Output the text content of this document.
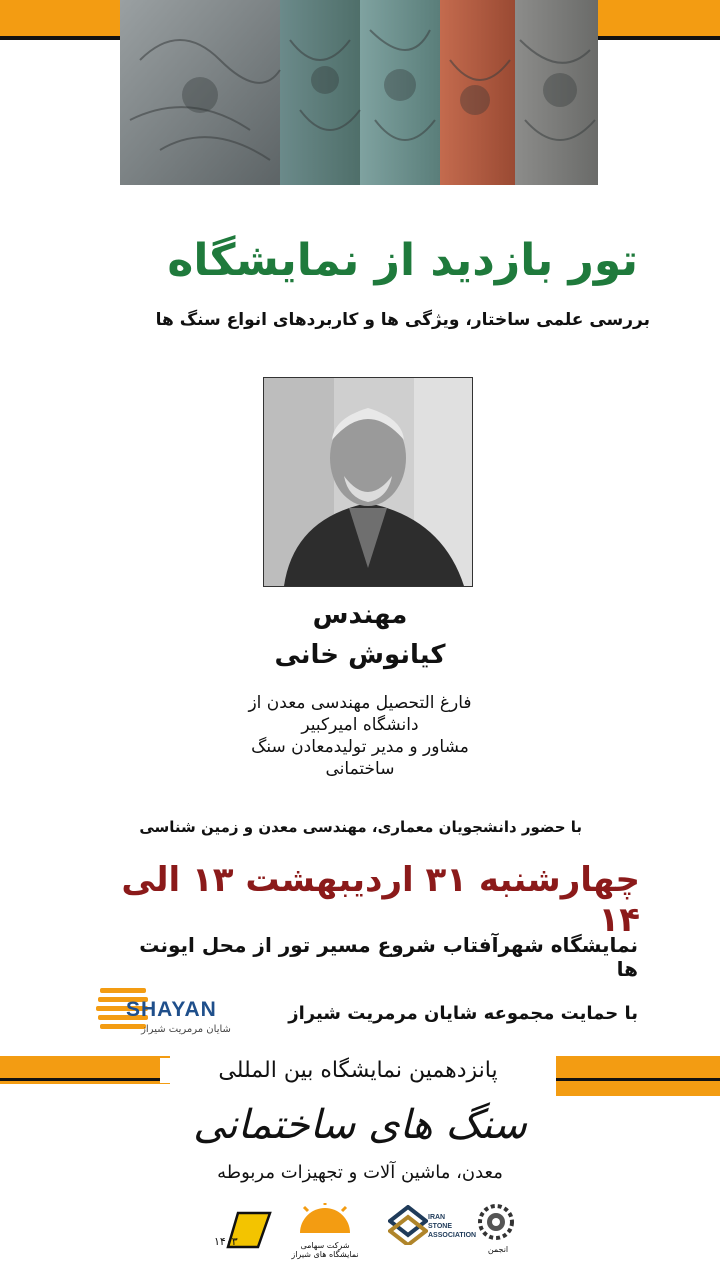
تور بازدید از نمایشگاه
بررسی علمی ساختار، ویژگی ها و کاربردهای انواع سنگ ها
مهندس
کیانوش خانی
فارغ التحصیل مهندسی معدن از
دانشگاه امیرکبیر
مشاور و مدیر تولیدمعادن سنگ
ساختمانی
با حضور دانشجویان معماری، مهندسی معدن و زمین شناسی
چهارشنبه ۳۱ اردیبهشت ۱۳ الی ۱۴
نمایشگاه شهرآفتاب شروع مسیر تور از محل ایونت ها
SHAYAN
شایان مرمریت شیراز
با حمایت مجموعه شایان مرمریت شیراز
پانزدهمین نمایشگاه بین المللی
سنگ های ساختمانی
معدن، ماشین آلات و تجهیزات مربوطه
۱۴۰۳	شرکت سهامی نمایشگاه های شیراز
IRAN STONE ASSOCIATION
انجمن
